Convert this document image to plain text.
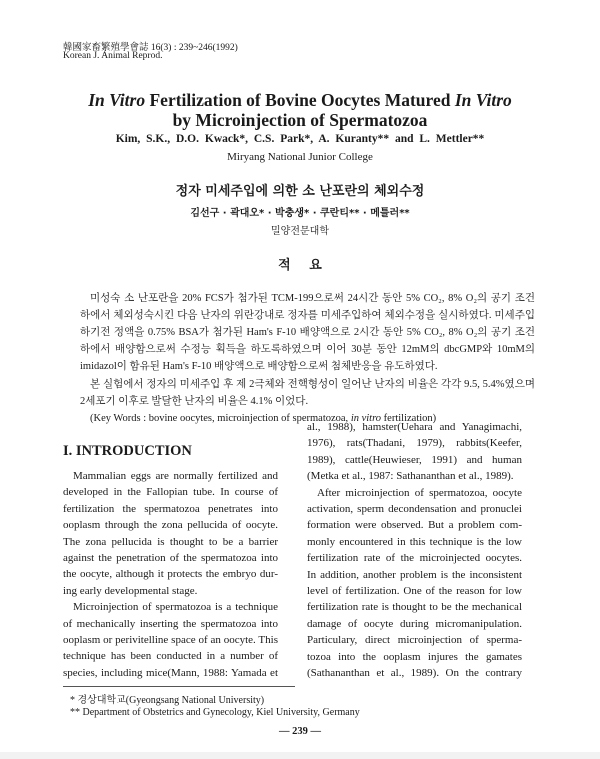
韓國家畜繁殖學會誌 16(3) : 239~246(1992)
Korean J. Animal Reprod.
In Vitro Fertilization of Bovine Oocytes Matured In Vitro
by Microinjection of Spermatozoa
Kim, S.K., D.O. Kwack*, C.S. Park*, A. Kuranty** and L. Mettler**
Miryang National Junior College
정자 미세주입에 의한 소 난포란의 체외수정
김선구 · 곽대오* · 박충생* · 쿠란티** · 메틀러**
밀양전문대학
적 요
미성숙 소 난포란을 20% FCS가 첨가된 TCM-199으로써 24시간 동안 5% CO₂, 8% O₂의 공기 조건
하에서 체외성숙시킨 다음 난자의 위란강내로 정자를 미세주입하여 체외수정을 실시하였다. 미세주입
하기전 정액을 0.75% BSA가 첨가된 Ham's F-10 배양액으로 2시간 동안 5% CO₂, 8% O₂의 공기 조건
하에서 배양함으로써 수정능 획득을 하도록하였으며 이어 30분 동안 12mM의 dbcGMP와 10mM의
imidazol이 함유된 Ham's F-10 배양액으로 배양함으로써 첨체반응을 유도하였다.
본 실험에서 정자의 미세주입 후 제 2극체와 전핵형성이 일어난 난자의 비율은 각각 9.5, 5.4%였으며
2세포기 이후로 발달한 난자의 비율은 4.1% 이었다.
(Key Words : bovine oocytes, microinjection of spermatozoa, in vitro fertilization)
I. INTRODUCTION
Mammalian eggs are normally fertilized and
developed in the Fallopian tube. In course of
fertilization the spermatozoa penetrates into
ooplasm through the zona pellucida of oocyte.
The zona pellucida is thought to be a barrier
against the penetration of the spermatozoa into
the oocyte, although it protects the embryo dur-
ing early developmental stage.
Microinjection of spermatozoa is a technique
of mechanically inserting the spermatozoa into
ooplasm or perivitelline space of an oocyte. This
technique has been conducted in a number of
species, including mice(Mann, 1988: Yamada et
al., 1988), hamster(Uehara and Yanagimachi,
1976), rats(Thadani, 1979), rabbits(Keefer,
1989), cattle(Heuwieser, 1991) and human
(Metka et al., 1987: Sathananthan et al., 1989).
After microinjection of spermatozoa, oocyte
activation, sperm decondensation and pronuclei
formation were observed. But a problem com-
monly encountered in this technique is the low
fertilization rate of the microinjected oocytes.
In addition, another problem is the inconsistent
level of fertilization. One of the reason for low
fertilization rate is thought to be the mechanical
damage of oocyte during micromanipulation.
Particulary, direct microinjection of sperma-
tozoa into the ooplasm injures the gamates
(Sathananthan et al., 1989). On the contrary
* 경상대학교(Gyeongsang National University)
** Department of Obstetrics and Gynecology, Kiel University, Germany
— 239 —
